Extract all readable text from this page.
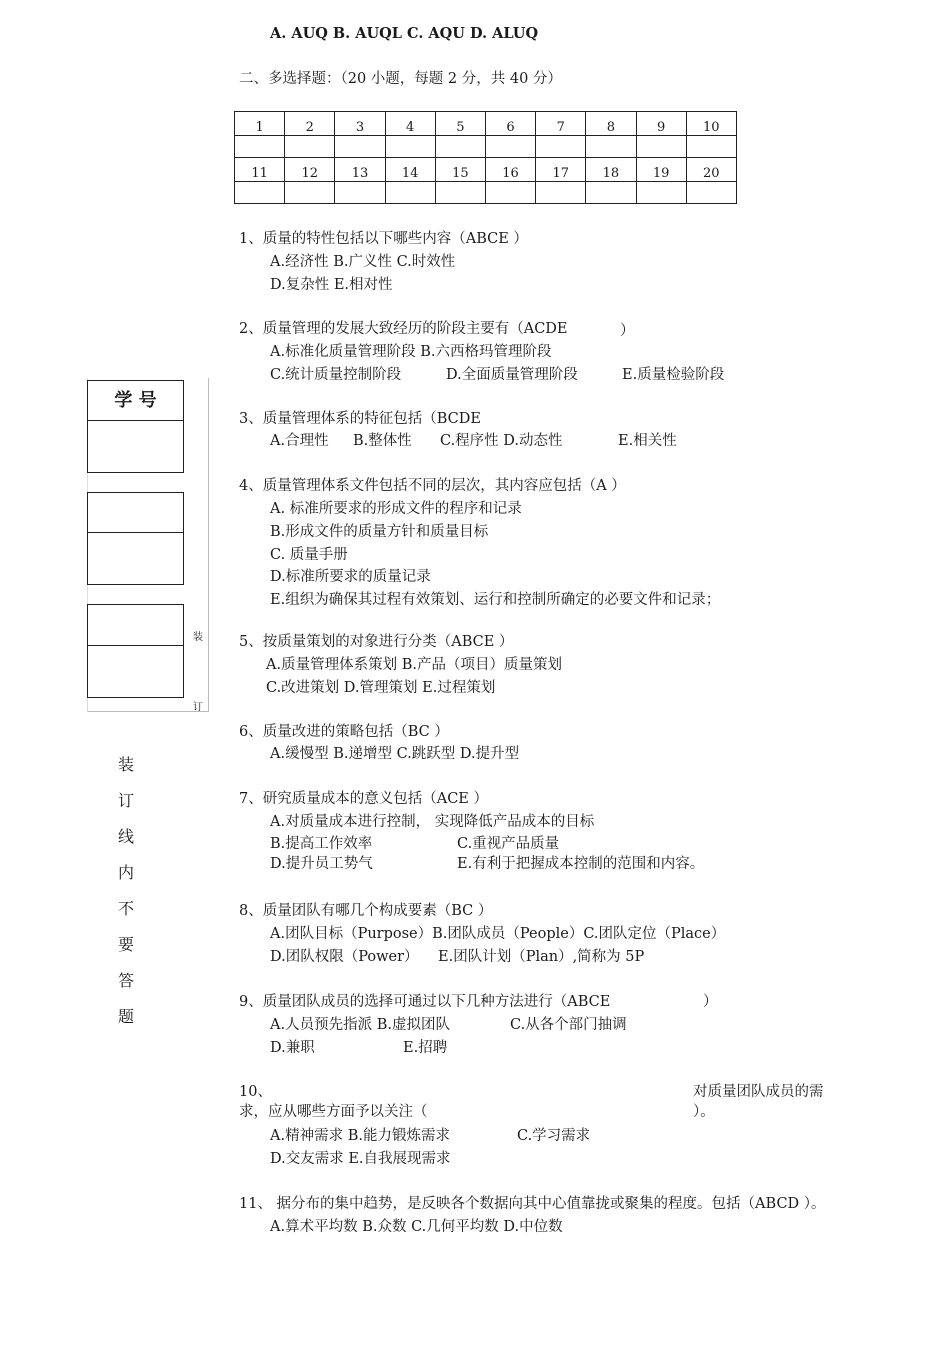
A. AUQ B. AUQL C. AQU D. ALUQ
二、多选择题：（20 小题，每题 2 分，共 40 分）
1	2	3	4	5	6	7	8	9	10

11	12	13	14	15	16	17	18	19	20

学 号
装
订
装
订
线
内
不
要
答
题
1、质量的特性包括以下哪些内容（ABCE ）
A.经济性 B.广义性 C.时效性
D.复杂性 E.相对性
2、质量管理的发展大致经历的阶段主要有（ACDE	）
A.标准化质量管理阶段 B.六西格玛管理阶段
C.统计质量控制阶段	D.全面质量管理阶段	E.质量检验阶段
3、质量管理体系的特征包括（BCDE
A.合理性 B.整体性 C.程序性 D.动态性	E.相关性
4、质量管理体系文件包括不同的层次，其内容应包括（A ）
A. 标准所要求的形成文件的程序和记录
B.形成文件的质量方针和质量目标
C. 质量手册
D.标准所要求的质量记录
E.组织为确保其过程有效策划、运行和控制所确定的必要文件和记录；
5、按质量策划的对象进行分类（ABCE ）
A.质量管理体系策划 B.产品（项目）质量策划
C.改进策划 D.管理策划 E.过程策划
6、质量改进的策略包括（BC ）
A.缓慢型 B.递增型 C.跳跃型 D.提升型
7、研究质量成本的意义包括（ACE ）
A.对质量成本进行控制， 实现降低产品成本的目标
B.提高工作效率	C.重视产品质量
D.提升员工势气	E.有利于把握成本控制的范围和内容。
8、质量团队有哪几个构成要素（BC ）
A.团队目标（Purpose）B.团队成员（People）C.团队定位（Place）
D.团队权限（Power） E.团队计划（Plan）,简称为 5P
9、质量团队成员的选择可通过以下几种方法进行（ABCE	）
A.人员预先指派 B.虚拟团队	C.从各个部门抽调
D.兼职	E.招聘
10、	对质量团队成员的需
求，应从哪些方面予以关注（	）。
A.精神需求 B.能力锻炼需求	C.学习需求
D.交友需求 E.自我展现需求
11、 据分布的集中趋势，是反映各个数据向其中心值靠拢或聚集的程度。包括（ABCD ）。
A.算术平均数 B.众数 C.几何平均数 D.中位数
